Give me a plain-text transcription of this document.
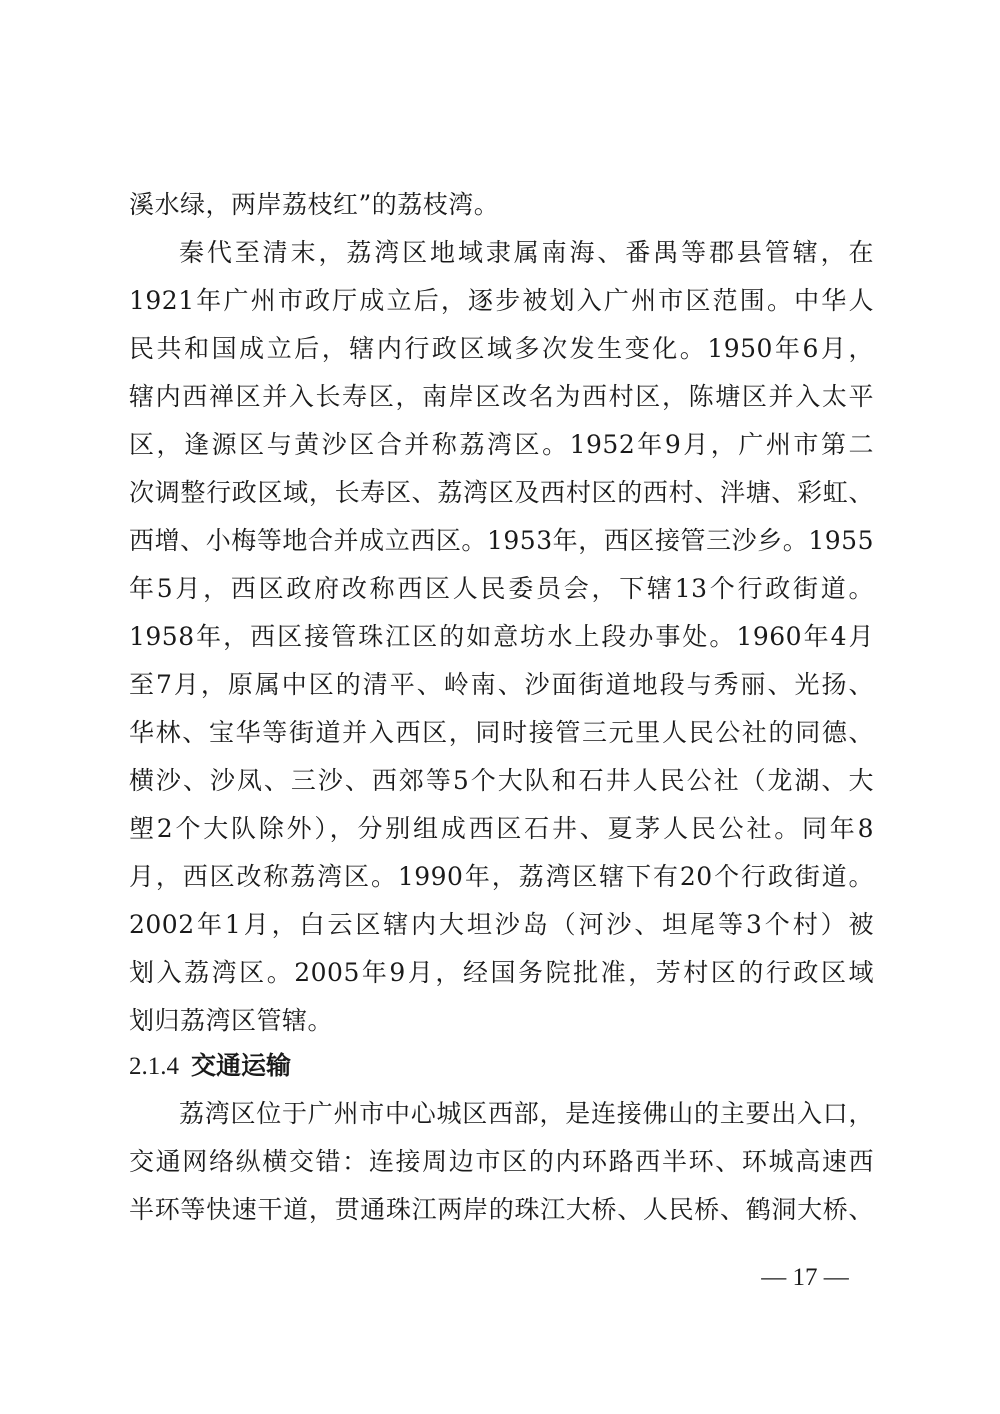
溪水绿，两岸荔枝红”的荔枝湾。
秦代至清末，荔湾区地域隶属南海、番禺等郡县管辖，在
1921年广州市政厅成立后，逐步被划入广州市区范围。中华人
民共和国成立后，辖内行政区域多次发生变化。1950年6月，
辖内西禅区并入长寿区，南岸区改名为西村区，陈塘区并入太平
区，逢源区与黄沙区合并称荔湾区。1952年9月，广州市第二
次调整行政区域，长寿区、荔湾区及西村区的西村、泮塘、彩虹、
西增、小梅等地合并成立西区。1953年，西区接管三沙乡。1955
年5月，西区政府改称西区人民委员会，下辖13个行政街道。
1958年，西区接管珠江区的如意坊水上段办事处。1960年4月
至7月，原属中区的清平、岭南、沙面街道地段与秀丽、光扬、
华林、宝华等街道并入西区，同时接管三元里人民公社的同德、
横沙、沙凤、三沙、西郊等5个大队和石井人民公社（龙湖、大
塱2个大队除外），分别组成西区石井、夏茅人民公社。同年8
月，西区改称荔湾区。1990年，荔湾区辖下有20个行政街道。
2002年1月，白云区辖内大坦沙岛（河沙、坦尾等3个村）被
划入荔湾区。2005年9月，经国务院批准，芳村区的行政区域
划归荔湾区管辖。
2.1.4 交通运输
荔湾区位于广州市中心城区西部，是连接佛山的主要出入口，
交通网络纵横交错：连接周边市区的内环路西半环、环城高速西
半环等快速干道，贯通珠江两岸的珠江大桥、人民桥、鹤洞大桥、
— 17 —
